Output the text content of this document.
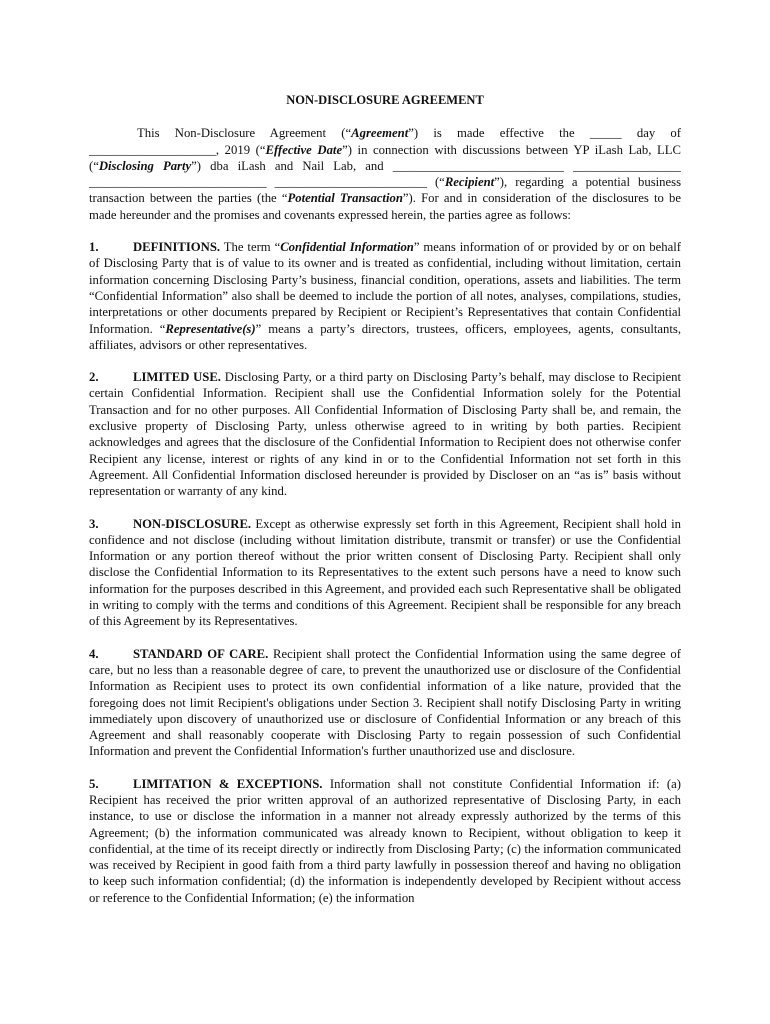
NON-DISCLOSURE AGREEMENT

This Non-Disclosure Agreement (“Agreement”) is made effective the _____ day of ____________________, 2019 (“Effective Date”) in connection with discussions between YP iLash Lab, LLC (“Disclosing Party”) dba iLash and Nail Lab, and ___________________________ _________________ ____________________________ ________________________ (“Recipient”), regarding a potential business transaction between the parties (the “Potential Transaction”). For and in consideration of the disclosures to be made hereunder and the promises and covenants expressed herein, the parties agree as follows:

1.	DEFINITIONS. The term “Confidential Information” means information of or provided by or on behalf of Disclosing Party that is of value to its owner and is treated as confidential, including without limitation, certain information concerning Disclosing Party’s business, financial condition, operations, assets and liabilities. The term “Confidential Information” also shall be deemed to include the portion of all notes, analyses, compilations, studies, interpretations or other documents prepared by Recipient or Recipient’s Representatives that contain Confidential Information. “Representative(s)” means a party’s directors, trustees, officers, employees, agents, consultants, affiliates, advisors or other representatives.

2.	LIMITED USE. Disclosing Party, or a third party on Disclosing Party’s behalf, may disclose to Recipient certain Confidential Information. Recipient shall use the Confidential Information solely for the Potential Transaction and for no other purposes. All Confidential Information of Disclosing Party shall be, and remain, the exclusive property of Disclosing Party, unless otherwise agreed to in writing by both parties. Recipient acknowledges and agrees that the disclosure of the Confidential Information to Recipient does not otherwise confer Recipient any license, interest or rights of any kind in or to the Confidential Information not set forth in this Agreement. All Confidential Information disclosed hereunder is provided by Discloser on an “as is” basis without representation or warranty of any kind.

3.	NON-DISCLOSURE. Except as otherwise expressly set forth in this Agreement, Recipient shall hold in confidence and not disclose (including without limitation distribute, transmit or transfer) or use the Confidential Information or any portion thereof without the prior written consent of Disclosing Party. Recipient shall only disclose the Confidential Information to its Representatives to the extent such persons have a need to know such information for the purposes described in this Agreement, and provided each such Representative shall be obligated in writing to comply with the terms and conditions of this Agreement. Recipient shall be responsible for any breach of this Agreement by its Representatives.

4.	STANDARD OF CARE. Recipient shall protect the Confidential Information using the same degree of care, but no less than a reasonable degree of care, to prevent the unauthorized use or disclosure of the Confidential Information as Recipient uses to protect its own confidential information of a like nature, provided that the foregoing does not limit Recipient's obligations under Section 3. Recipient shall notify Disclosing Party in writing immediately upon discovery of unauthorized use or disclosure of Confidential Information or any breach of this Agreement and shall reasonably cooperate with Disclosing Party to regain possession of such Confidential Information and prevent the Confidential Information's further unauthorized use and disclosure.

5.	LIMITATION & EXCEPTIONS. Information shall not constitute Confidential Information if: (a) Recipient has received the prior written approval of an authorized representative of Disclosing Party, in each instance, to use or disclose the information in a manner not already expressly authorized by the terms of this Agreement; (b) the information communicated was already known to Recipient, without obligation to keep it confidential, at the time of its receipt directly or indirectly from Disclosing Party; (c) the information communicated was received by Recipient in good faith from a third party lawfully in possession thereof and having no obligation to keep such information confidential; (d) the information is independently developed by Recipient without access or reference to the Confidential Information; (e) the information
